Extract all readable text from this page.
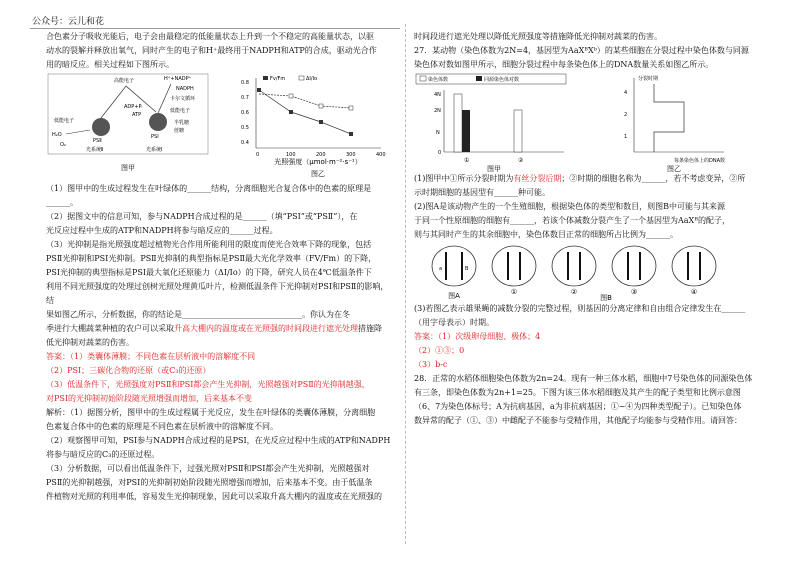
公众号：云儿和花

合色素分子吸收光能后，电子会由最稳定的低能量状态上升到一个不稳定的高能量状态，以驱

动水的裂解并释放出氧气，同时产生的电子和H⁺最终用于NADPH和ATP的合成，驱动光合作

用的暗反应。相关过程如下图所示。

高能电子
低能电子
H₂O
O₂
PSⅡ
PSⅠ
光系统Ⅱ	光系统Ⅰ
H⁺+NADP⁺
NADPH
ADP+Pᵢ
ATP
卡尔文循环
低能电子
半乳糖
蔗糖
图甲
Fv/Fm	ΔI/Io
0.8
0.7
0.6
0.5
0.4
0	100	200	300	400
光照强度（μmol·m⁻²·s⁻¹）
图乙

（1）图甲中的生成过程发生在叶绿体的______结构，分离细胞光合复合体中的色素的原理是

______。

（2）据图文中的信息可知，参与NADPH合成过程的是______（填“PSⅠ”或“PSⅡ”），在

光反应过程中生成的ATP和NADPH将参与暗反应的______过程。

（3）光抑制是指光照强度超过植物光合作用所能利用的限度而使光合效率下降的现象，包括

PSⅡ光抑制和PSⅠ光抑制。PSⅡ光抑制的典型指标是PSⅡ最大光化学效率（FV/Fm）的下降，

PSⅠ光抑制的典型指标是PSⅠ最大氧化还原能力（ΔI/Io）的下降，研究人员在4℃低温条件下

利用不同光照强度的处理过创树光照处理黄瓜叶片，检测低温条件下光抑制对PSⅠ和PSⅡ的影响，结

果如图乙所示，分析数据，你的结论是______________________________。你认为在冬

季进行大棚蔬菜种植的农户可以采取升高大棚内的温度或在光照强的时间段进行遮光处理措施降

低光抑制对蔬菜的伤害。

答案：（1）类囊体薄膜；不同色素在层析液中的溶解度不同

（2）PSⅠ；三碳化合物的还原（或C₃的还原）

（3）低温条件下，光照强度对PSⅡ和PSⅠ都会产生光抑制，光照越强对PSⅡ的光抑制越强，

对PSⅠ的光抑制初始阶段随光照增强而增加，后来基本不变

解析：（1）据图分析，图甲中的生成过程属于光反应，发生在叶绿体的类囊体薄膜，分离细胞

色素复合体中的色素的原理是不同色素在层析液中的溶解度不同。

（2）观察图甲可知，PSⅠ参与NADPH合成过程的是PSⅠ，在光反应过程中生成的ATP和NADPH

将参与暗反应的C₃的还原过程。

（3）分析数据，可以看出低温条件下，过强光照对PSⅡ和PSⅠ都会产生光抑制，光照越强对

PSⅡ的光抑制越强，对PSⅠ的光抑制初始阶段随光照增强而增加，后来基本不变。由于低温条

件植物对光照的利用率低，容易发生光抑制现象，因此可以采取升高大棚内的温度或在光照强的

时间段进行遮光处理以降低光照强度等措施降低光抑制对蔬菜的伤害。

27．某动物（染色体数为2N=4，基因型为AaXᴮXᵇ）的某些细胞在分裂过程中染色体数与同源

染色体对数如图甲所示，细胞分裂过程中每条染色体上的DNA数量关系如图乙所示。

染色体数	同源染色体对数
4N
2N
N
0
①	②
图甲
分裂时期
4
2
1
每条染色体上的DNA数
图乙

(1)图甲中①所示分裂时期为有丝分裂后期；②时期的细胞名称为______，若不考虑变异，②所

示时期细胞的基因型有______种可能。

(2)图A是该动物产生的一个生殖细胞，根据染色体的类型和数目，则图B中可能与其来源

于同一个性原细胞的细胞有______，若该个体减数分裂产生了一个基因型为AaXᴮ的配子，

则与其同时产生的其余细胞中，染色体数目正常的细胞所占比例为______。

a	B
图A	①	②	③
图B
④

(3)若图乙表示雄果蝇的减数分裂的完整过程，则基因的分离定律和自由组合定律发生在______

（用字母表示）时期。

答案：（1）次级卵母细胞、极体；4

（2）①③；0

（3）b-c

28．正常的水稻体细胞染色体数为2n=24。现有一种三体水稻，细胞中7号染色体的同源染色体

有三条，即染色体数为2n+1=25。下图为该三体水稻细胞及其产生的配子类型和比例示意图

（6、7为染色体标号；A为抗病基因，a为非抗病基因；①~④为四种类型配子）。已知染色体

数异常的配子（①、③）中雌配子不能参与受精作用，其他配子均能参与受精作用。请回答：
